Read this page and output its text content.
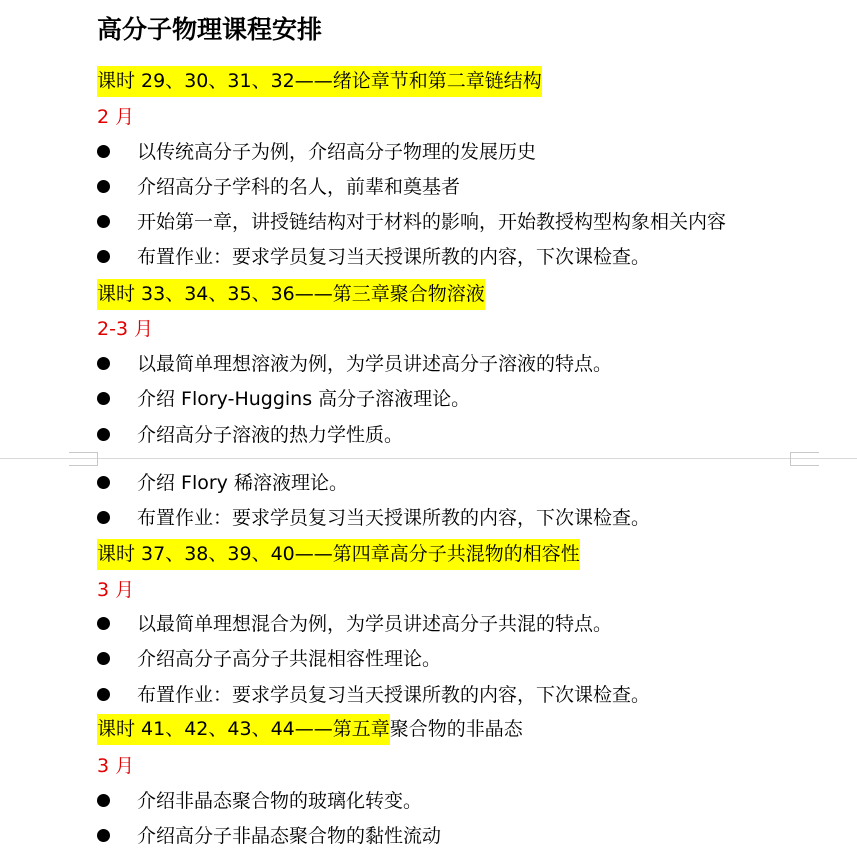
高分子物理课程安排
课时 29、30、31、32——绪论章节和第二章链结构
2 月
以传统高分子为例，介绍高分子物理的发展历史
介绍高分子学科的名人，前辈和奠基者
开始第一章，讲授链结构对于材料的影响，开始教授构型构象相关内容
布置作业：要求学员复习当天授课所教的内容，下次课检查。
课时 33、34、35、36——第三章聚合物溶液
2-3 月
以最简单理想溶液为例，为学员讲述高分子溶液的特点。
介绍 Flory-Huggins 高分子溶液理论。
介绍高分子溶液的热力学性质。
介绍 Flory 稀溶液理论。
布置作业：要求学员复习当天授课所教的内容，下次课检查。
课时 37、38、39、40——第四章高分子共混物的相容性
3 月
以最简单理想混合为例，为学员讲述高分子共混的特点。
介绍高分子高分子共混相容性理论。
布置作业：要求学员复习当天授课所教的内容，下次课检查。
课时 41、42、43、44——第五章聚合物的非晶态
3 月
介绍非晶态聚合物的玻璃化转变。
介绍高分子非晶态聚合物的黏性流动
